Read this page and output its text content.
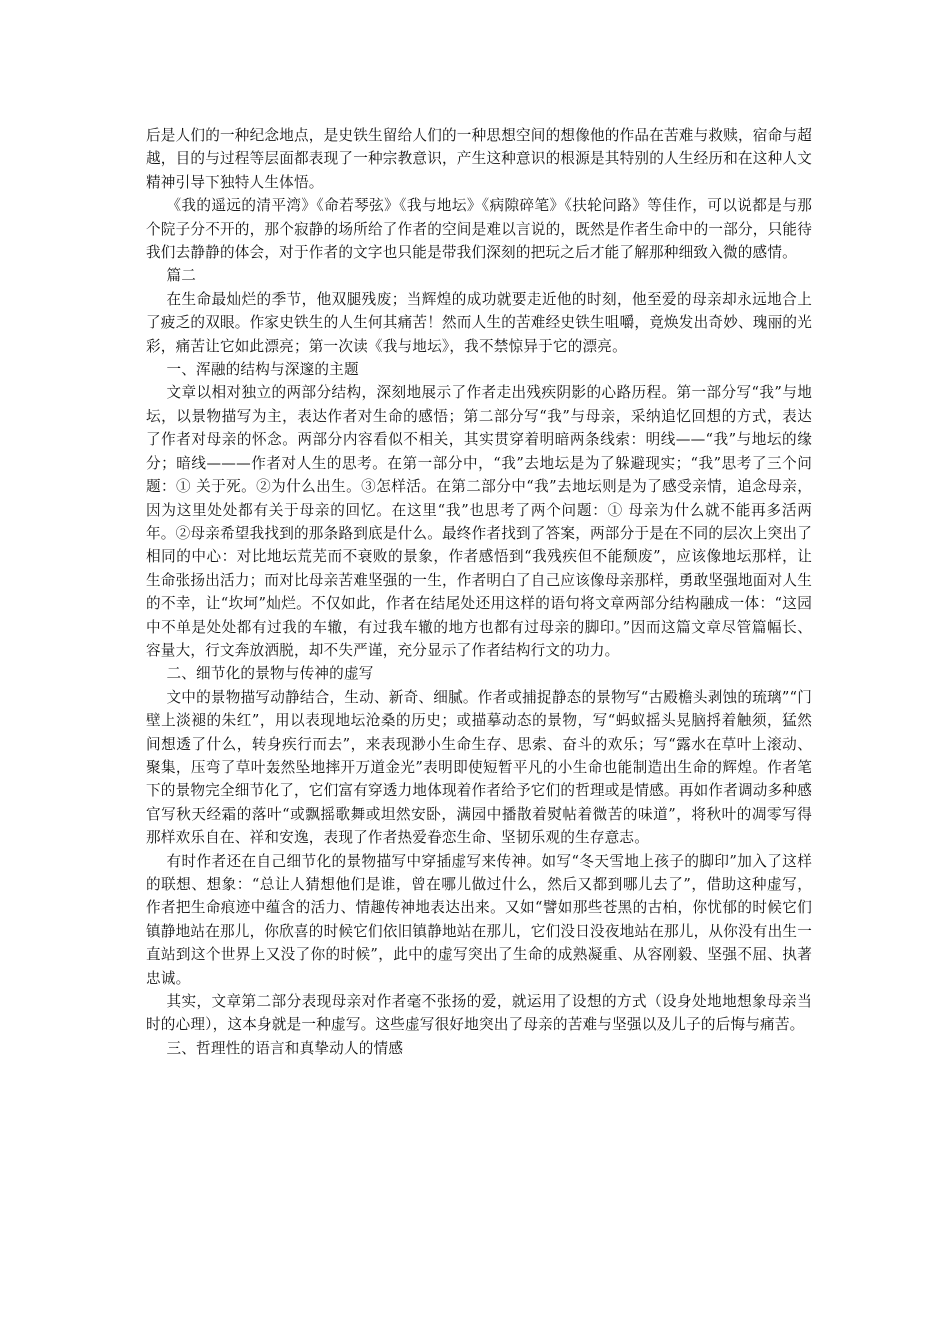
后是人们的一种纪念地点，是史铁生留给人们的一种思想空间的想像他的作品在苦难与救赎，宿命与超越，目的与过程等层面都表现了一种宗教意识，产生这种意识的根源是其特别的人生经历和在这种人文精神引导下独特人生体悟。

《我的遥远的清平湾》《命若琴弦》《我与地坛》《病隙碎笔》《扶轮问路》等佳作，可以说都是与那个院子分不开的，那个寂静的场所给了作者的空间是难以言说的，既然是作者生命中的一部分，只能待我们去静静的体会，对于作者的文字也只能是带我们深刻的把玩之后才能了解那种细致入微的感情。

篇二

在生命最灿烂的季节，他双腿残废；当辉煌的成功就要走近他的时刻，他至爱的母亲却永远地合上了疲乏的双眼。作家史铁生的人生何其痛苦！然而人生的苦难经史铁生咀嚼，竟焕发出奇妙、瑰丽的光彩，痛苦让它如此漂亮；第一次读《我与地坛》，我不禁惊异于它的漂亮。

一、浑融的结构与深邃的主题

文章以相对独立的两部分结构，深刻地展示了作者走出残疾阴影的心路历程。第一部分写“我”与地坛，以景物描写为主，表达作者对生命的感悟；第二部分写“我”与母亲，采纳追忆回想的方式，表达了作者对母亲的怀念。两部分内容看似不相关，其实贯穿着明暗两条线索：明线——“我”与地坛的缘分；暗线———作者对人生的思考。在第一部分中，“我”去地坛是为了躲避现实；“我”思考了三个问题：① 关于死。②为什么出生。③怎样活。在第二部分中“我”去地坛则是为了感受亲情，追念母亲，因为这里处处都有关于母亲的回忆。在这里“我”也思考了两个问题：① 母亲为什么就不能再多活两年。②母亲希望我找到的那条路到底是什么。最终作者找到了答案，两部分于是在不同的层次上突出了相同的中心：对比地坛荒芜而不衰败的景象，作者感悟到“我残疾但不能颓废”，应该像地坛那样，让生命张扬出活力；而对比母亲苦难坚强的一生，作者明白了自己应该像母亲那样，勇敢坚强地面对人生的不幸，让“坎坷”灿烂。不仅如此，作者在结尾处还用这样的语句将文章两部分结构融成一体：“这园中不单是处处都有过我的车辙，有过我车辙的地方也都有过母亲的脚印。”因而这篇文章尽管篇幅长、容量大，行文奔放洒脱，却不失严谨，充分显示了作者结构行文的功力。

二、细节化的景物与传神的虚写

文中的景物描写动静结合，生动、新奇、细腻。作者或捕捉静态的景物写“古殿檐头剥蚀的琉璃”“门壁上淡褪的朱红”，用以表现地坛沧桑的历史；或描摹动态的景物，写“蚂蚁摇头晃脑捋着触须，猛然间想透了什么，转身疾行而去”，来表现渺小生命生存、思索、奋斗的欢乐；写“露水在草叶上滚动、聚集，压弯了草叶轰然坠地摔开万道金光”表明即使短暂平凡的小生命也能制造出生命的辉煌。作者笔下的景物完全细节化了，它们富有穿透力地体现着作者给予它们的哲理或是情感。再如作者调动多种感官写秋天经霜的落叶“或飘摇歌舞或坦然安卧，满园中播散着熨帖着微苦的味道”，将秋叶的凋零写得那样欢乐自在、祥和安逸，表现了作者热爱眷恋生命、坚韧乐观的生存意志。

有时作者还在自己细节化的景物描写中穿插虚写来传神。如写“冬天雪地上孩子的脚印”加入了这样的联想、想象：“总让人猜想他们是谁，曾在哪儿做过什么，然后又都到哪儿去了”，借助这种虚写，作者把生命痕迹中蕴含的活力、情趣传神地表达出来。又如“譬如那些苍黑的古柏，你忧郁的时候它们镇静地站在那儿，你欣喜的时候它们依旧镇静地站在那儿，它们没日没夜地站在那儿，从你没有出生一直站到这个世界上又没了你的时候”，此中的虚写突出了生命的成熟凝重、从容刚毅、坚强不屈、执著忠诚。

其实，文章第二部分表现母亲对作者毫不张扬的爱，就运用了设想的方式（设身处地地想象母亲当时的心理），这本身就是一种虚写。这些虚写很好地突出了母亲的苦难与坚强以及儿子的后悔与痛苦。

三、哲理性的语言和真挚动人的情感
